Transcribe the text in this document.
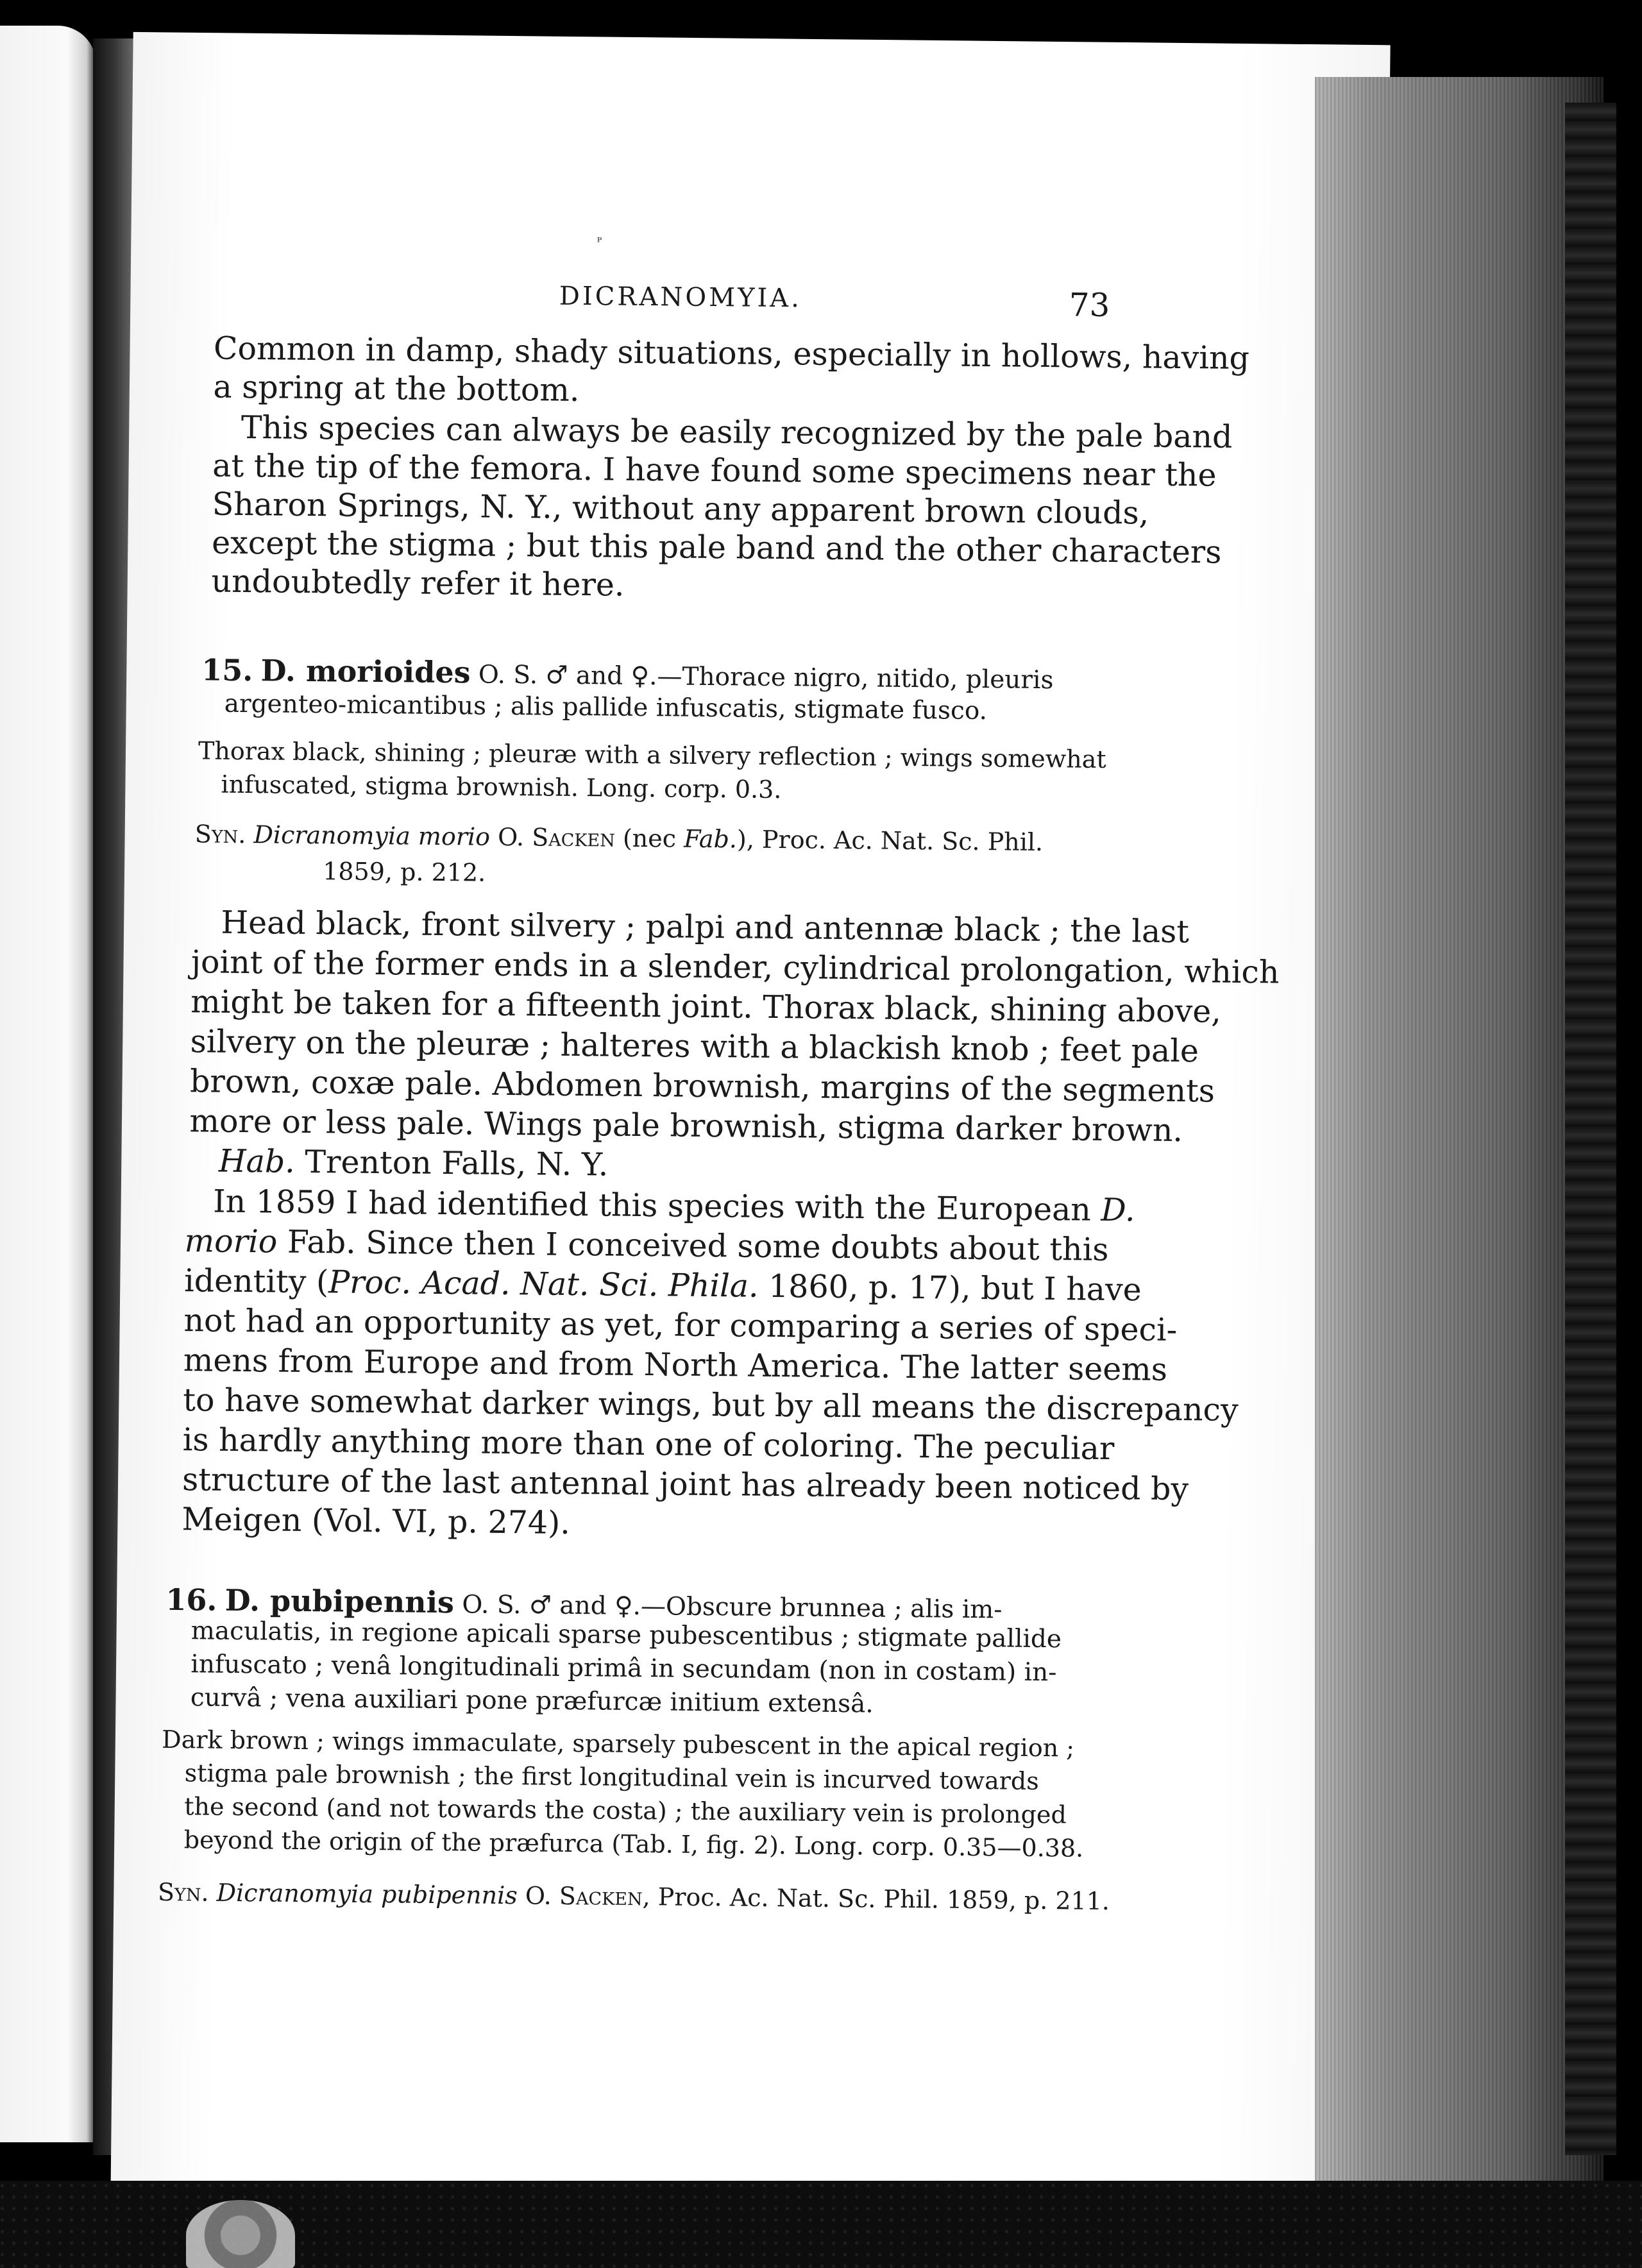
ᴾ
DICRANOMYIA.	73
Common in damp, shady situations, especially in hollows, having
a spring at the bottom.
This species can always be easily recognized by the pale band
at the tip of the femora. I have found some specimens near the
Sharon Springs, N. Y., without any apparent brown clouds,
except the stigma ; but this pale band and the other characters
undoubtedly refer it here.
15. D. morioides O. S. ♂ and ♀.—Thorace nigro, nitido, pleuris
argenteo-micantibus ; alis pallide infuscatis, stigmate fusco.
Thorax black, shining ; pleuræ with a silvery reflection ; wings somewhat
infuscated, stigma brownish. Long. corp. 0.3.
Syn. Dicranomyia morio O. Sacken (nec Fab.), Proc. Ac. Nat. Sc. Phil.
1859, p. 212.
Head black, front silvery ; palpi and antennæ black ; the last
joint of the former ends in a slender, cylindrical prolongation, which
might be taken for a fifteenth joint. Thorax black, shining above,
silvery on the pleuræ ; halteres with a blackish knob ; feet pale
brown, coxæ pale. Abdomen brownish, margins of the segments
more or less pale. Wings pale brownish, stigma darker brown.
Hab. Trenton Falls, N. Y.
In 1859 I had identified this species with the European D.
morio Fab. Since then I conceived some doubts about this
identity (Proc. Acad. Nat. Sci. Phila. 1860, p. 17), but I have
not had an opportunity as yet, for comparing a series of speci-
mens from Europe and from North America. The latter seems
to have somewhat darker wings, but by all means the discrepancy
is hardly anything more than one of coloring. The peculiar
structure of the last antennal joint has already been noticed by
Meigen (Vol. VI, p. 274).
16. D. pubipennis O. S. ♂ and ♀.—Obscure brunnea ; alis im-
maculatis, in regione apicali sparse pubescentibus ; stigmate pallide
infuscato ; venâ longitudinali primâ in secundam (non in costam) in-
curvâ ; vena auxiliari pone præfurcæ initium extensâ.
Dark brown ; wings immaculate, sparsely pubescent in the apical region ;
stigma pale brownish ; the first longitudinal vein is incurved towards
the second (and not towards the costa) ; the auxiliary vein is prolonged
beyond the origin of the præfurca (Tab. I, fig. 2). Long. corp. 0.35—0.38.
Syn. Dicranomyia pubipennis O. Sacken, Proc. Ac. Nat. Sc. Phil. 1859, p. 211.
